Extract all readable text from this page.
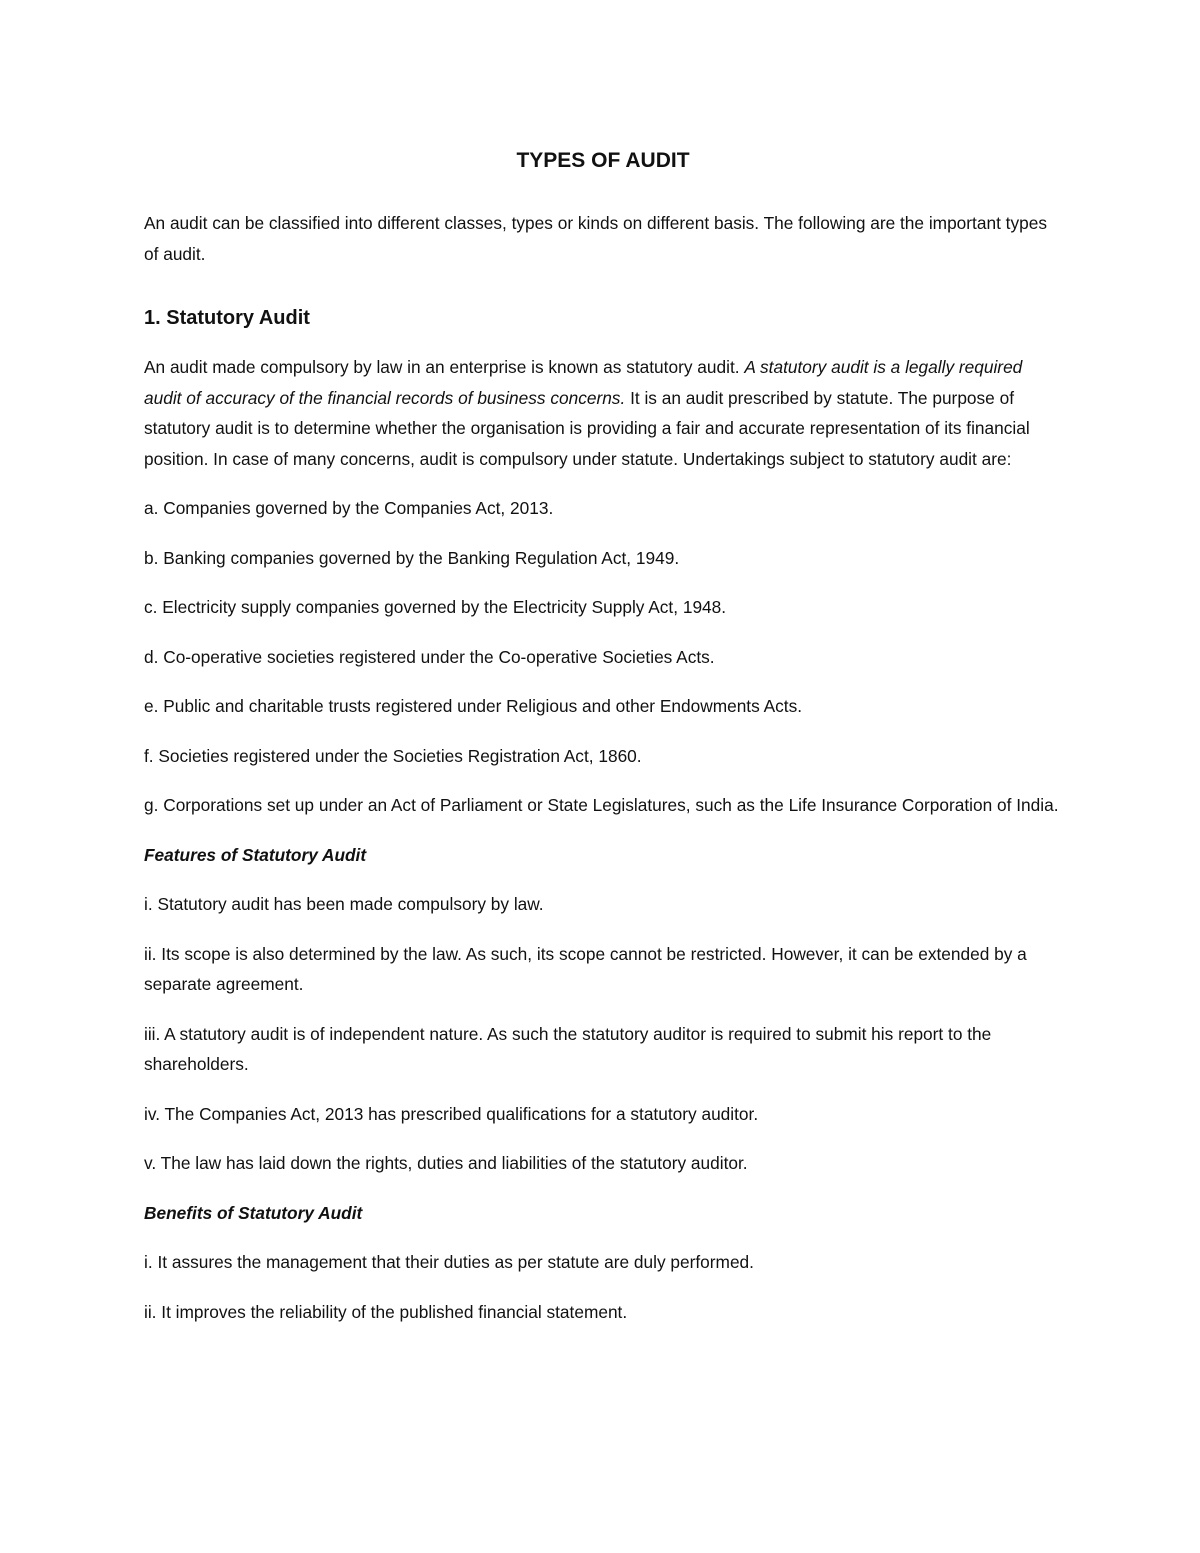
TYPES OF AUDIT

An audit can be classified into different classes, types or kinds on different basis. The following are the important types of audit.

1. Statutory Audit

An audit made compulsory by law in an enterprise is known as statutory audit. A statutory audit is a legally required audit of accuracy of the financial records of business concerns. It is an audit prescribed by statute. The purpose of statutory audit is to determine whether the organisation is providing a fair and accurate representation of its financial position. In case of many concerns, audit is compulsory under statute. Undertakings subject to statutory audit are:

a. Companies governed by the Companies Act, 2013.

b. Banking companies governed by the Banking Regulation Act, 1949.

c. Electricity supply companies governed by the Electricity Supply Act, 1948.

d. Co-operative societies registered under the Co-operative Societies Acts.

e. Public and charitable trusts registered under Religious and other Endowments Acts.

f. Societies registered under the Societies Registration Act, 1860.

g. Corporations set up under an Act of Parliament or State Legislatures, such as the Life Insurance Corporation of India.

Features of Statutory Audit

i. Statutory audit has been made compulsory by law.

ii. Its scope is also determined by the law. As such, its scope cannot be restricted. However, it can be extended by a separate agreement.

iii. A statutory audit is of independent nature. As such the statutory auditor is required to submit his report to the shareholders.

iv. The Companies Act, 2013 has prescribed qualifications for a statutory auditor.

v. The law has laid down the rights, duties and liabilities of the statutory auditor.

Benefits of Statutory Audit

i. It assures the management that their duties as per statute are duly performed.

ii. It improves the reliability of the published financial statement.
